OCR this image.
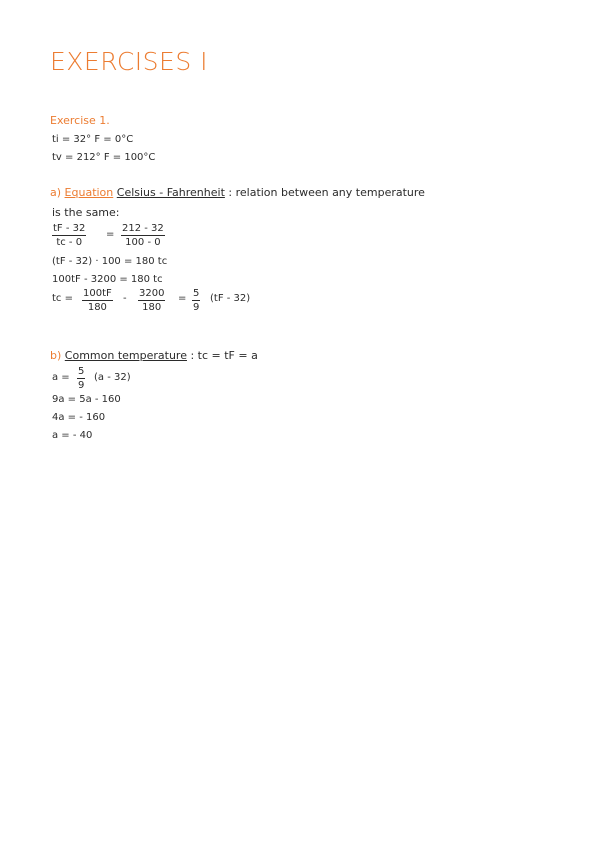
EXERCISES I
Exercise 1.
ti = 32° F = 0°C
tv = 212° F = 100°C
a) Equation Celsius - Fahrenheit : relation between any temperature
is the same:
$\frac{tF - 32}{tc - 0} = \frac{212 - 32}{100 - 0}$
(tF - 32) · 100 = 180 tc
100tF - 3200 = 180 tc
tc = $\frac{100tF}{180} - \frac{3200}{180} = \frac{5}{9} (tF - 32)$
b) Common temperature : tc = tF = a
$a = \frac{5}{9} (a - 32)$
9a = 5a - 160
4a = - 160
a = - 40
